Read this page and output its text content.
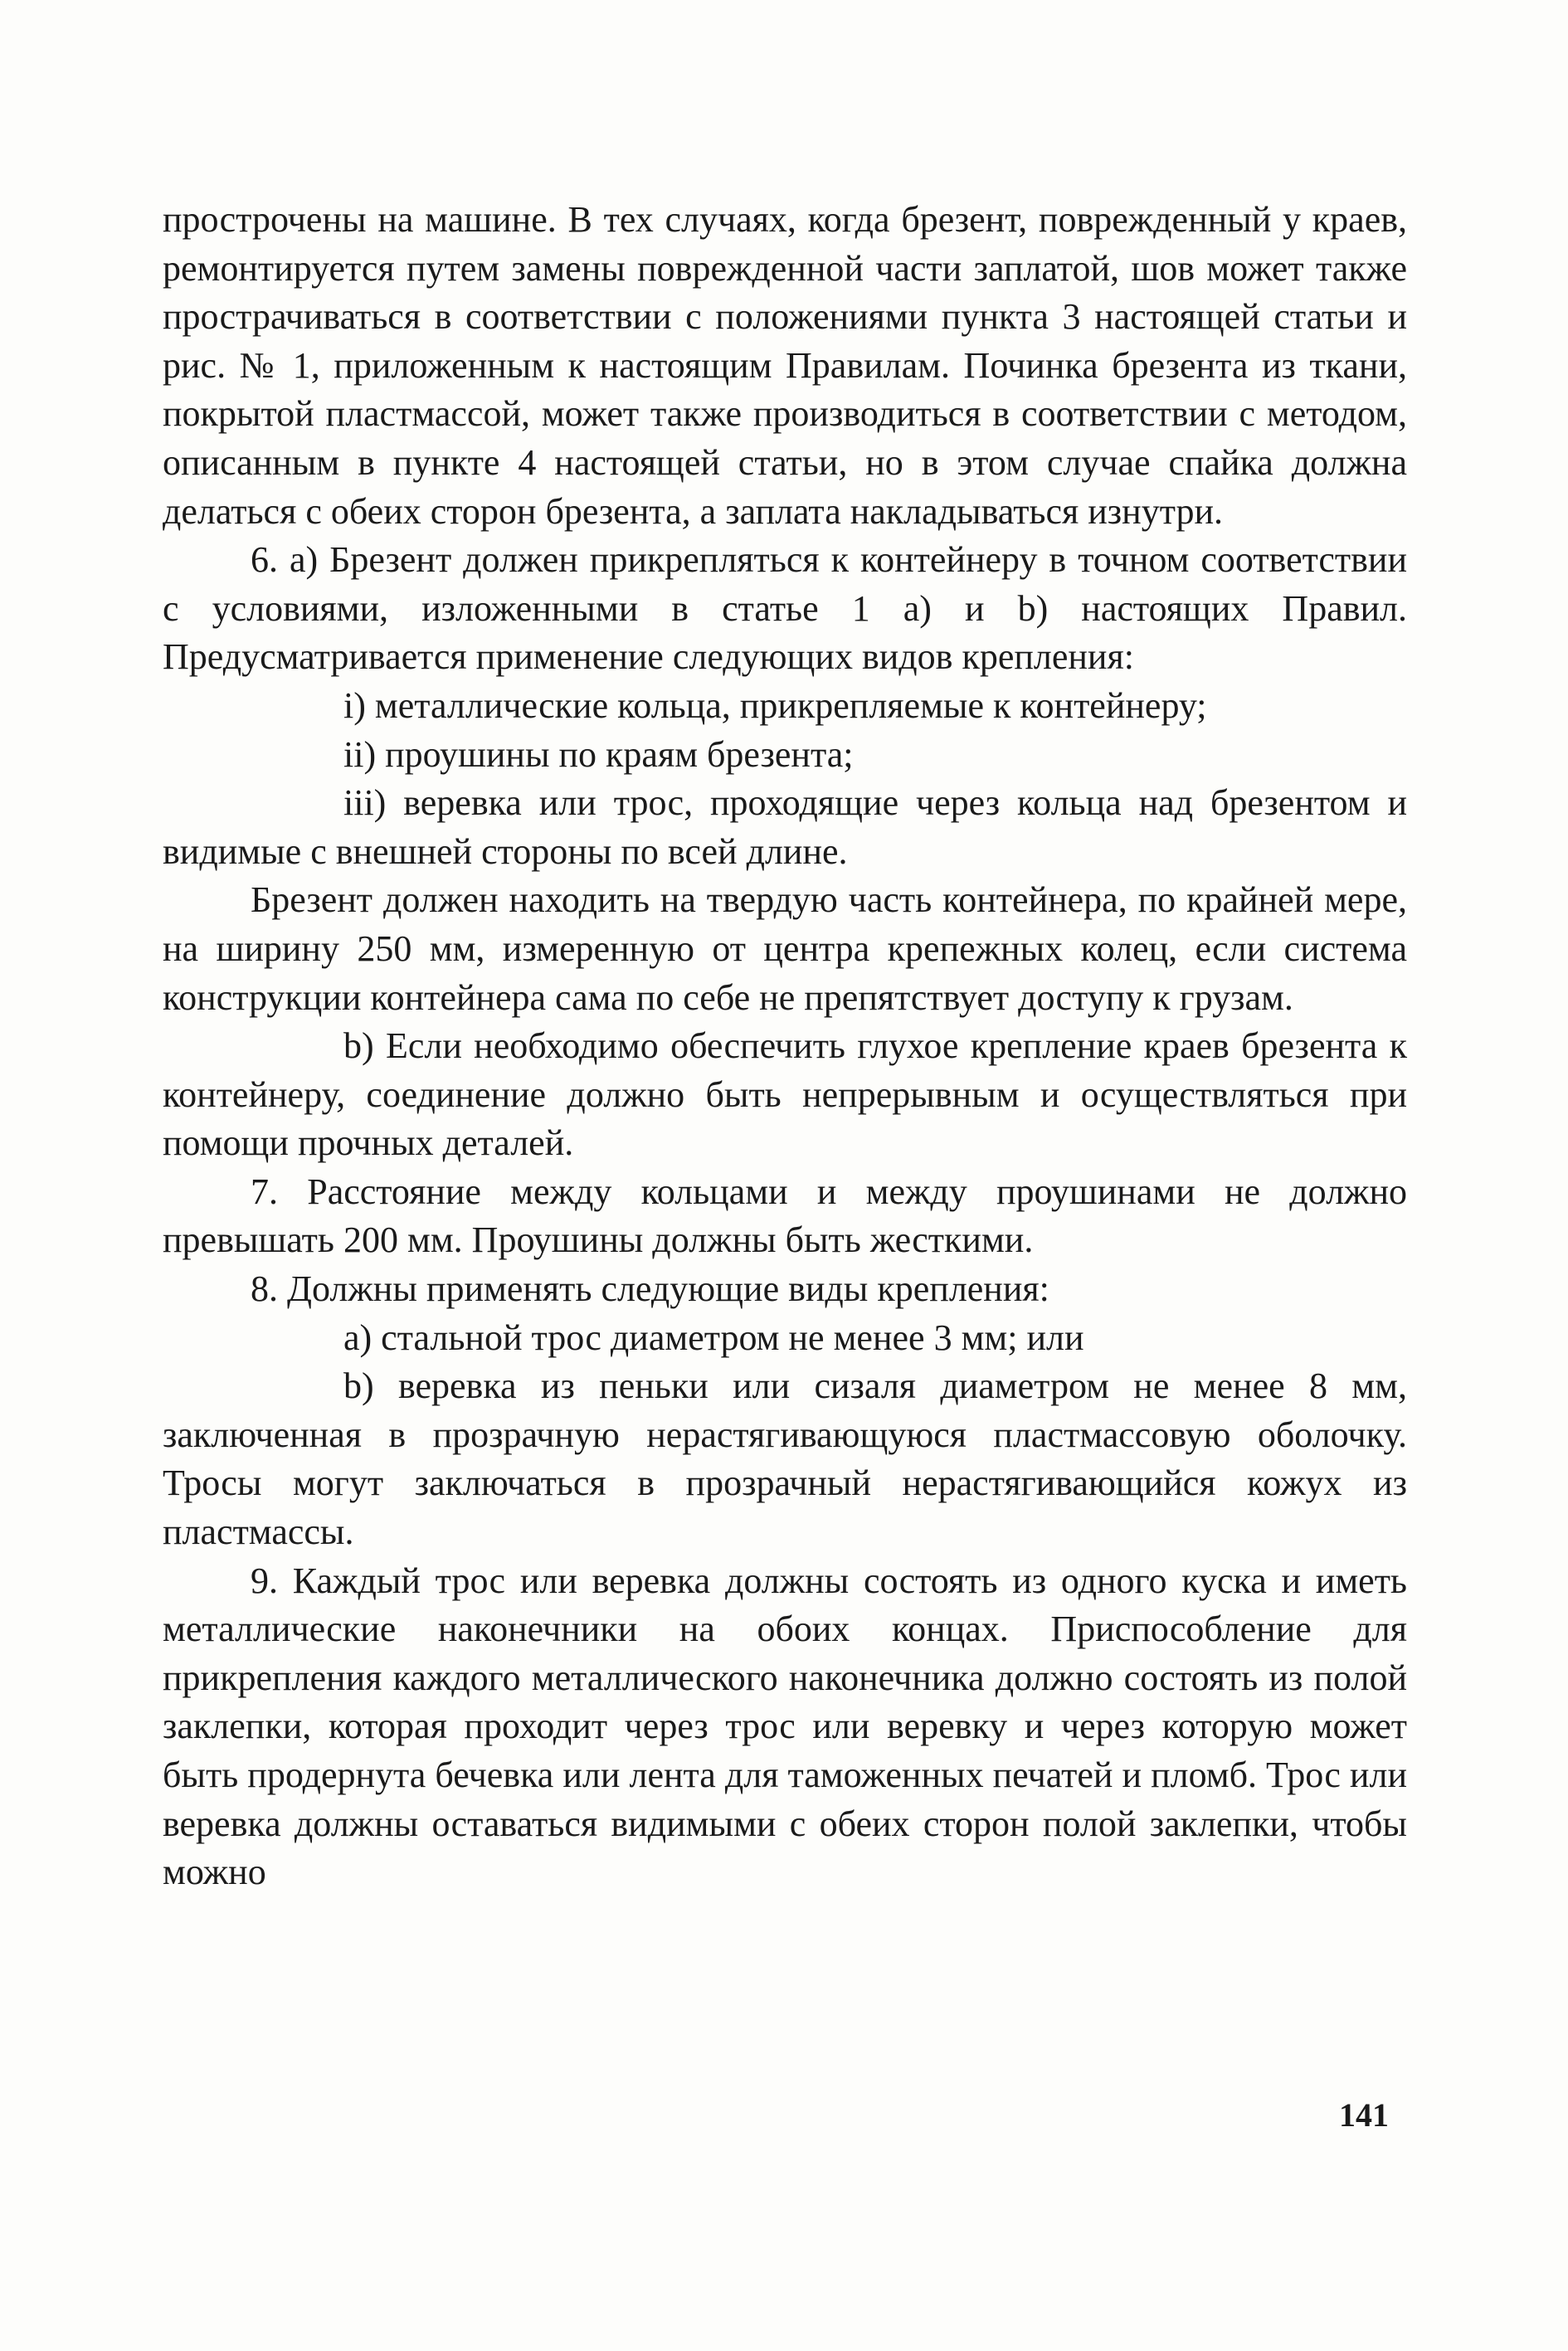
прострочены на машине. В тех случаях, когда брезент, поврежденный у краев, ремонтируется путем замены поврежденной части заплатой, шов может также прострачиваться в соответствии с положениями пункта 3 настоящей статьи и рис. № 1, приложенным к настоящим Правилам. Починка брезента из ткани, покрытой пластмассой, может также производиться в соответствии с методом, описанным в пункте 4 настоящей статьи, но в этом случае спайка должна делаться с обеих сторон брезента, а заплата накладываться изнутри.

6. а) Брезент должен прикрепляться к контейнеру в точном соответствии с условиями, изложенными в статье 1 а) и b) настоящих Правил. Предусматривается применение следующих видов крепления:

i) металлические кольца, прикрепляемые к контейнеру;

ii) проушины по краям брезента;

iii) веревка или трос, проходящие через кольца над брезентом и видимые с внешней стороны по всей длине.

Брезент должен находить на твердую часть контейнера, по крайней мере, на ширину 250 мм, измеренную от центра крепежных колец, если система конструкции контейнера сама по себе не препятствует доступу к грузам.

b) Если необходимо обеспечить глухое крепление краев брезента к контейнеру, соединение должно быть непрерывным и осуществляться при помощи прочных деталей.

7. Расстояние между кольцами и между проушинами не должно превышать 200 мм. Проушины должны быть жесткими.

8. Должны применять следующие виды крепления:

а) стальной трос диаметром не менее 3 мм; или

b) веревка из пеньки или сизаля диаметром не менее 8 мм, заключенная в прозрачную нерастягивающуюся пластмассовую оболочку. Тросы могут заключаться в прозрачный нерастягивающийся кожух из пластмассы.

9. Каждый трос или веревка должны состоять из одного куска и иметь металлические наконечники на обоих концах. Приспособление для прикрепления каждого металлического наконечника должно состоять из полой заклепки, которая проходит через трос или веревку и через которую может быть продернута бечевка или лента для таможенных печатей и пломб. Трос или веревка должны оставаться видимыми с обеих сторон полой заклепки, чтобы можно

141
